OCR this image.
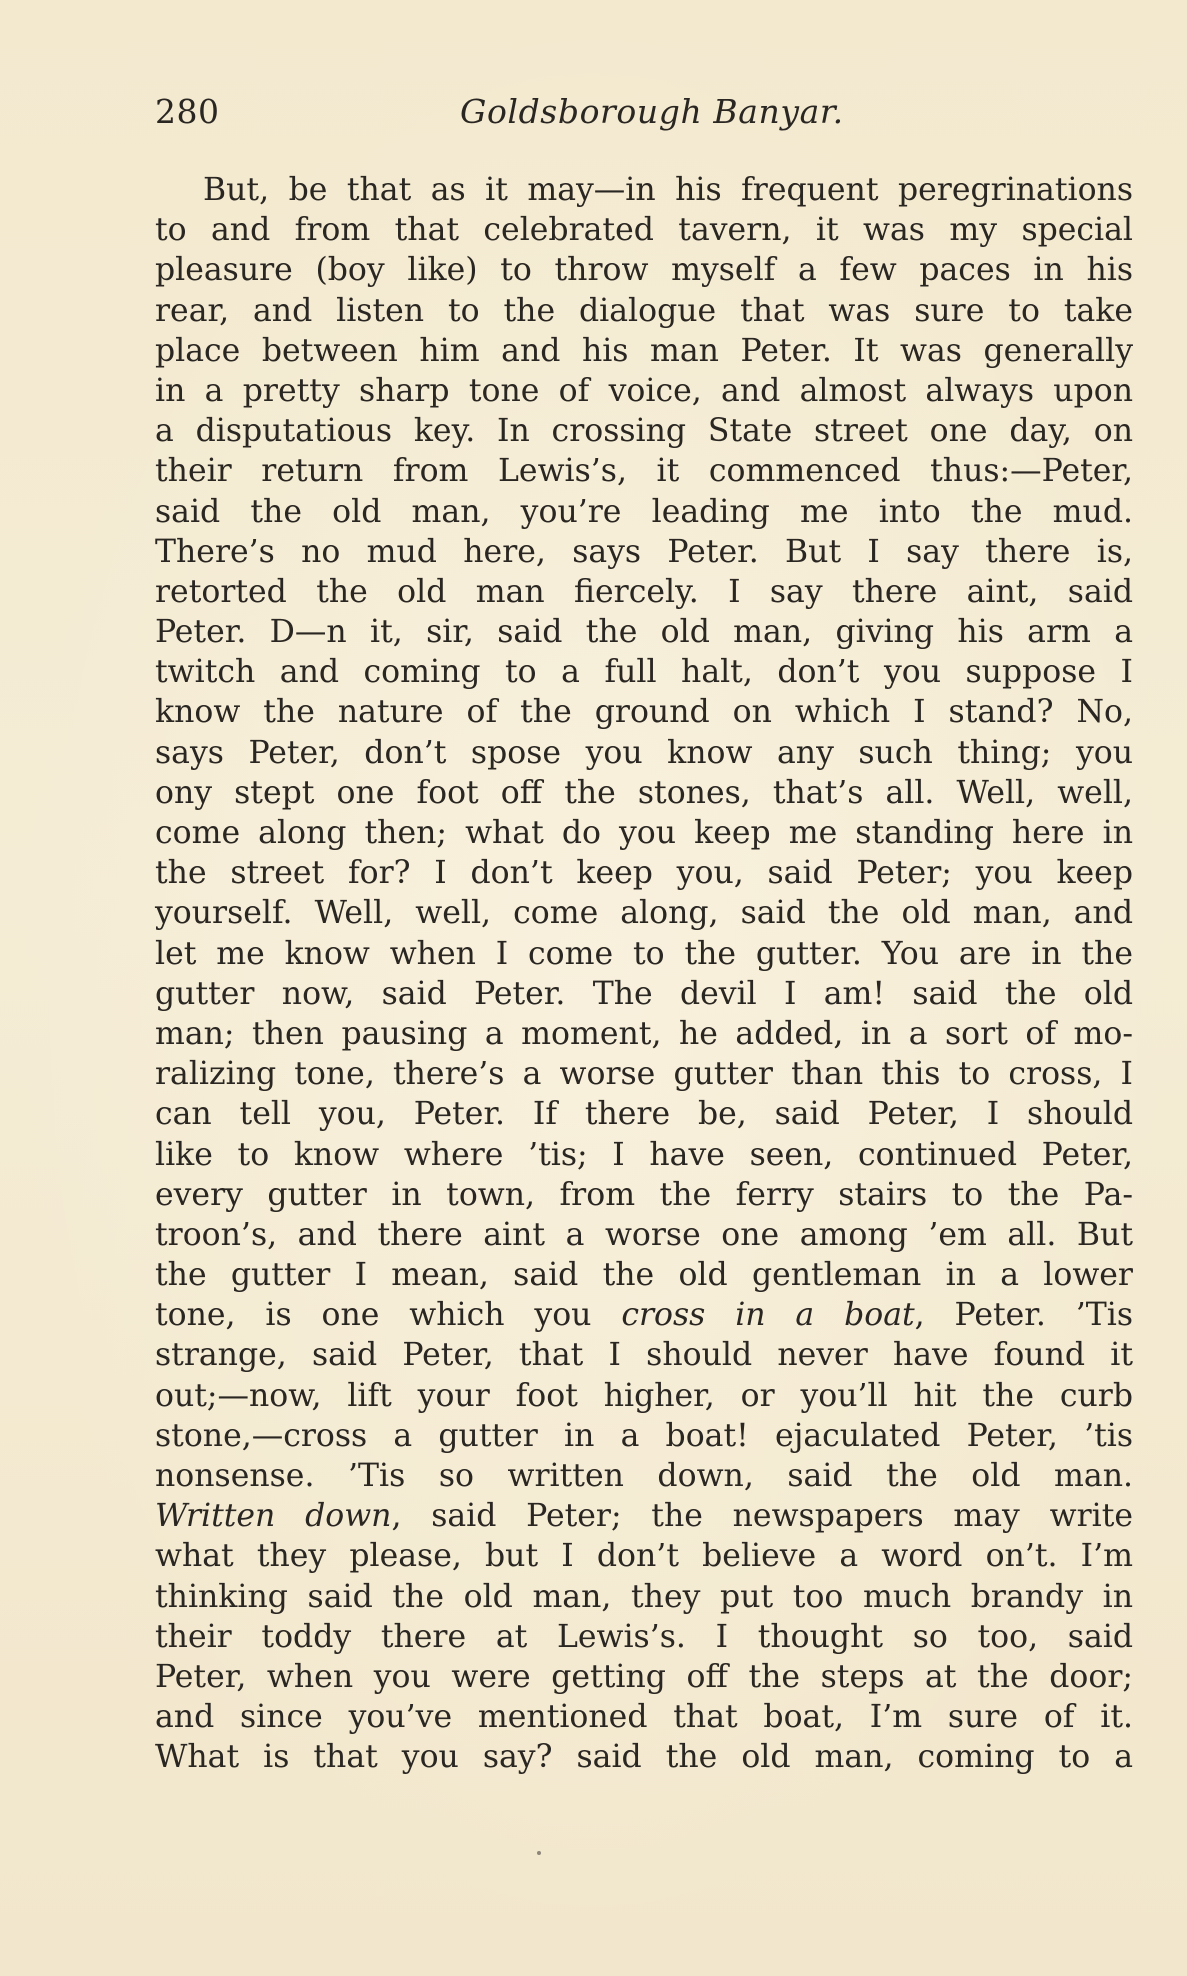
280	Goldsborough Banyar.
But, be that as it may—in his frequent peregrinations
to and from that celebrated tavern, it was my special
pleasure (boy like) to throw myself a few paces in his
rear, and listen to the dialogue that was sure to take
place between him and his man Peter. It was generally
in a pretty sharp tone of voice, and almost always upon
a disputatious key. In crossing State street one day, on
their return from Lewis’s, it commenced thus:—Peter,
said the old man, you’re leading me into the mud.
There’s no mud here, says Peter. But I say there is,
retorted the old man fiercely. I say there aint, said
Peter. D—n it, sir, said the old man, giving his arm a
twitch and coming to a full halt, don’t you suppose I
know the nature of the ground on which I stand? No,
says Peter, don’t spose you know any such thing; you
ony stept one foot off the stones, that’s all. Well, well,
come along then; what do you keep me standing here in
the street for? I don’t keep you, said Peter; you keep
yourself. Well, well, come along, said the old man, and
let me know when I come to the gutter. You are in the
gutter now, said Peter. The devil I am! said the old
man; then pausing a moment, he added, in a sort of mo-
ralizing tone, there’s a worse gutter than this to cross, I
can tell you, Peter. If there be, said Peter, I should
like to know where ’tis; I have seen, continued Peter,
every gutter in town, from the ferry stairs to the Pa-
troon’s, and there aint a worse one among ’em all. But
the gutter I mean, said the old gentleman in a lower
tone, is one which you cross in a boat, Peter. ’Tis
strange, said Peter, that I should never have found it
out;—now, lift your foot higher, or you’ll hit the curb
stone,—cross a gutter in a boat! ejaculated Peter, ’tis
nonsense. ’Tis so written down, said the old man.
Written down, said Peter; the newspapers may write
what they please, but I don’t believe a word on’t. I’m
thinking said the old man, they put too much brandy in
their toddy there at Lewis’s. I thought so too, said
Peter, when you were getting off the steps at the door;
and since you’ve mentioned that boat, I’m sure of it.
What is that you say? said the old man, coming to a
